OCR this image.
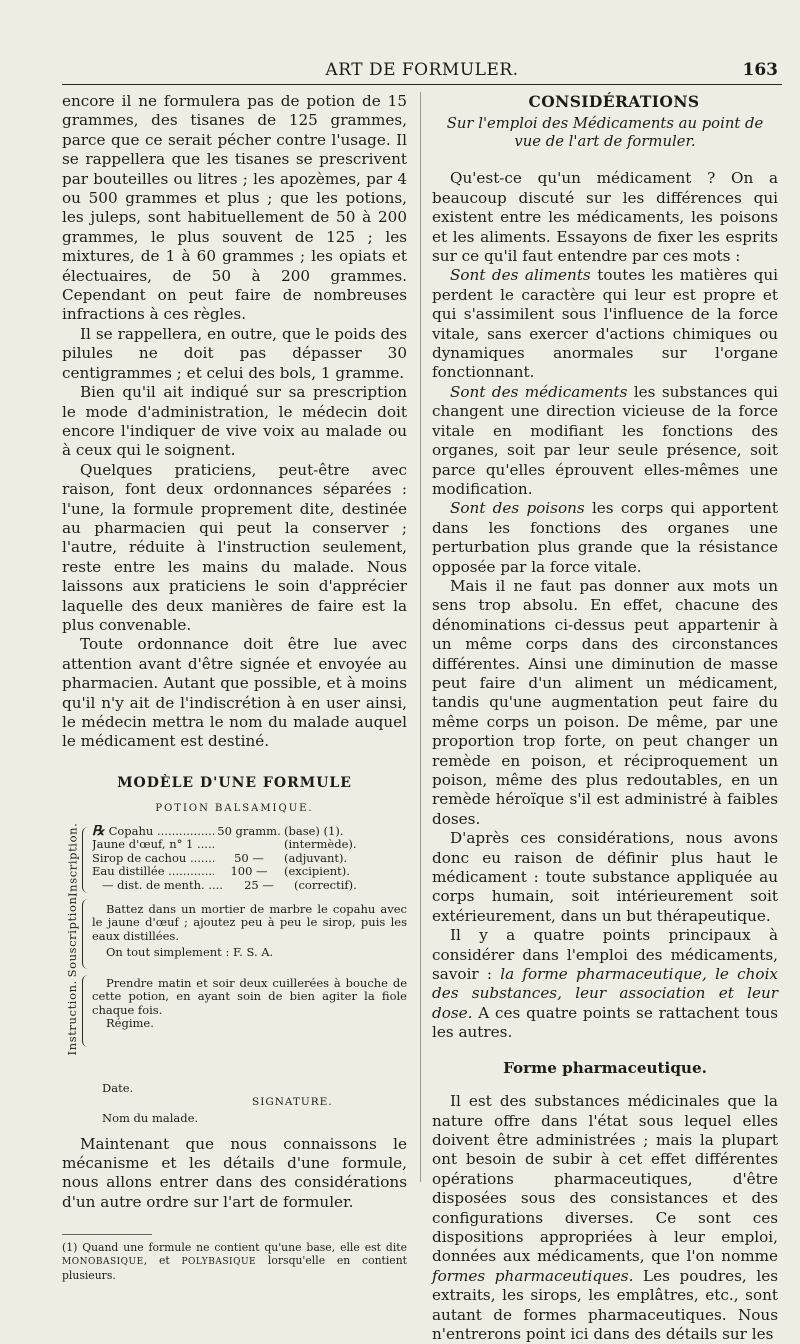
ART DE FORMULER.	163

encore il ne formulera pas de potion de 15 grammes, des tisanes de 125 grammes, parce que ce serait pécher contre l'usage. Il se rappellera que les tisanes se prescrivent par bouteilles ou litres ; les apozèmes, par 4 ou 500 grammes et plus ; que les potions, les juleps, sont habituellement de 50 à 200 grammes, le plus souvent de 125 ; les mixtures, de 1 à 60 grammes ; les opiats et électuaires, de 50 à 200 grammes. Cependant on peut faire de nombreuses infractions à ces règles.

Il se rappellera, en outre, que le poids des pilules ne doit pas dépasser 30 centigrammes ; et celui des bols, 1 gramme.

Bien qu'il ait indiqué sur sa prescription le mode d'administration, le médecin doit encore l'indiquer de vive voix au malade ou à ceux qui le soignent.

Quelques praticiens, peut-être avec raison, font deux ordonnances séparées : l'une, la formule proprement dite, destinée au pharmacien qui peut la conserver ; l'autre, réduite à l'instruction seulement, reste entre les mains du malade. Nous laissons aux praticiens le soin d'apprécier laquelle des deux manières de faire est la plus convenable.

Toute ordonnance doit être lue avec attention avant d'être signée et envoyée au pharmacien. Autant que possible, et à moins qu'il n'y ait de l'indiscrétion à en user ainsi, le médecin mettra le nom du malade auquel le médicament est destiné.

MODÈLE D'UNE FORMULE
POTION BALSAMIQUE.
Inscription.
Souscription.
Instruction.
℞ Copahu .....	50 gramm. (base) (1).
Jaune d'œuf, n° 1 .....	(intermède).
Sirop de cachou .....	50 —	(adjuvant).
Eau distillée .....	100 —	(excipient).
— dist. de menth. .....	25 —	(correctif).
Battez dans un mortier de marbre le copahu avec le jaune d'œuf ; ajoutez peu à peu le sirop, puis les eaux distillées.
On tout simplement : F. S. A.
Prendre matin et soir deux cuillerées à bouche de cette potion, en ayant soin de bien agiter la fiole chaque fois.
Régime.
Date.
SIGNATURE.
Nom du malade.

Maintenant que nous connaissons le mécanisme et les détails d'une formule, nous allons entrer dans des considérations d'un autre ordre sur l'art de formuler.

(1) Quand une formule ne contient qu'une base, elle est dite MONOBASIQUE, et POLYBASIQUE lorsqu'elle en contient plusieurs.

CONSIDÉRATIONS

Sur l'emploi des Médicaments au point de vue de l'art de formuler.

Qu'est-ce qu'un médicament ? On a beaucoup discuté sur les différences qui existent entre les médicaments, les poisons et les aliments. Essayons de fixer les esprits sur ce qu'il faut entendre par ces mots :

Sont des aliments toutes les matières qui perdent le caractère qui leur est propre et qui s'assimilent sous l'influence de la force vitale, sans exercer d'actions chimiques ou dynamiques anormales sur l'organe fonctionnant.

Sont des médicaments les substances qui changent une direction vicieuse de la force vitale en modifiant les fonctions des organes, soit par leur seule présence, soit parce qu'elles éprouvent elles-mêmes une modification.

Sont des poisons les corps qui apportent dans les fonctions des organes une perturbation plus grande que la résistance opposée par la force vitale.

Mais il ne faut pas donner aux mots un sens trop absolu. En effet, chacune des dénominations ci-dessus peut appartenir à un même corps dans des circonstances différentes. Ainsi une diminution de masse peut faire d'un aliment un médicament, tandis qu'une augmentation peut faire du même corps un poison. De même, par une proportion trop forte, on peut changer un remède en poison, et réciproquement un poison, même des plus redoutables, en un remède héroïque s'il est administré à faibles doses.

D'après ces considérations, nous avons donc eu raison de définir plus haut le médicament : toute substance appliquée au corps humain, soit intérieurement soit extérieurement, dans un but thérapeutique.

Il y a quatre points principaux à considérer dans l'emploi des médicaments, savoir : la forme pharmaceutique, le choix des substances, leur association et leur dose. A ces quatre points se rattachent tous les autres.

Forme pharmaceutique.

Il est des substances médicinales que la nature offre dans l'état sous lequel elles doivent être administrées ; mais la plupart ont besoin de subir à cet effet différentes opérations pharmaceutiques, d'être disposées sous des consistances et des configurations diverses. Ce sont ces dispositions appropriées à leur emploi, données aux médicaments, que l'on nomme formes pharmaceutiques. Les poudres, les extraits, les sirops, les emplâtres, etc., sont autant de formes pharmaceutiques. Nous n'entrerons point ici dans des détails sur les
